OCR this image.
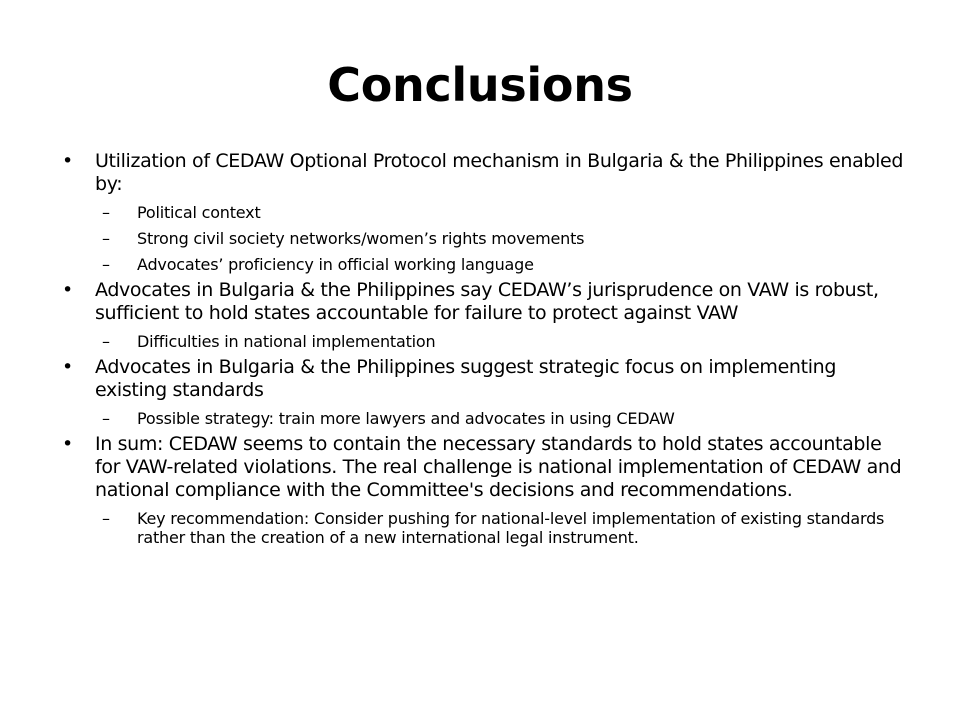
Conclusions
•	Utilization of CEDAW Optional Protocol mechanism in Bulgaria & the Philippines enabled by:
–	Political context
–	Strong civil society networks/women’s rights movements
–	Advocates’ proficiency in official working language
•	Advocates in Bulgaria & the Philippines say CEDAW’s jurisprudence on VAW is robust, sufficient to hold states accountable for failure to protect against VAW
–	Difficulties in national implementation
•	Advocates in Bulgaria & the Philippines suggest strategic focus on implementing existing standards
–	Possible strategy: train more lawyers and advocates in using CEDAW
•	In sum: CEDAW seems to contain the necessary standards to hold states accountable for VAW-related violations. The real challenge is national implementation of CEDAW and national compliance with the Committee's decisions and recommendations.
–	Key recommendation: Consider pushing for national-level implementation of existing standards rather than the creation of a new international legal instrument.
